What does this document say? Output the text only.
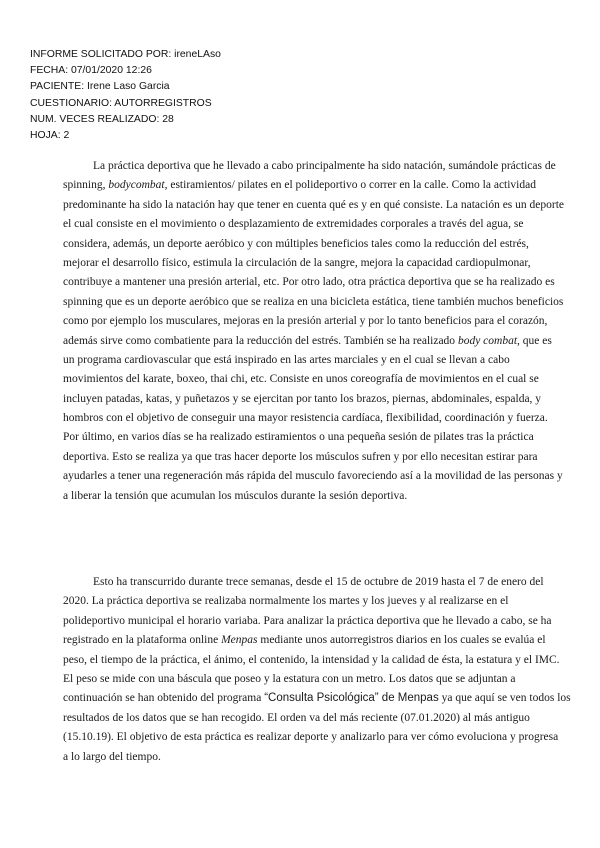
INFORME SOLICITADO POR: ireneLAso
FECHA: 07/01/2020 12:26
PACIENTE: Irene Laso Garcia
CUESTIONARIO: AUTORREGISTROS
NUM. VECES REALIZADO: 28
HOJA: 2
La práctica deportiva que he llevado a cabo principalmente ha sido natación, sumándole prácticas de
spinning, bodycombat, estiramientos/ pilates en el polideportivo o correr en la calle. Como la actividad
predominante ha sido la natación hay que tener en cuenta qué es y en qué consiste. La natación es un deporte
el cual consiste en el movimiento o desplazamiento de extremidades corporales a través del agua, se
considera, además, un deporte aeróbico y con múltiples beneficios tales como la reducción del estrés,
mejorar el desarrollo físico, estimula la circulación de la sangre, mejora la capacidad cardiopulmonar,
contribuye a mantener una presión arterial, etc. Por otro lado, otra práctica deportiva que se ha realizado es
spinning que es un deporte aeróbico que se realiza en una bicicleta estática, tiene también muchos beneficios
como por ejemplo los musculares, mejoras en la presión arterial y por lo tanto beneficios para el corazón,
además sirve como combatiente para la reducción del estrés. También se ha realizado body combat, que es
un programa cardiovascular que está inspirado en las artes marciales y en el cual se llevan a cabo
movimientos del karate, boxeo, thai chi, etc. Consiste en unos coreografía de movimientos en el cual se
incluyen patadas, katas, y puñetazos y se ejercitan por tanto los brazos, piernas, abdominales, espalda, y
hombros con el objetivo de conseguir una mayor resistencia cardíaca, flexibilidad, coordinación y fuerza.
Por último, en varios días se ha realizado estiramientos o una pequeña sesión de pilates tras la práctica
deportiva. Esto se realiza ya que tras hacer deporte los músculos sufren y por ello necesitan estirar para
ayudarles a tener una regeneración más rápida del musculo favoreciendo así a la movilidad de las personas y
a liberar la tensión que acumulan los músculos durante la sesión deportiva.
Esto ha transcurrido durante trece semanas, desde el 15 de octubre de 2019 hasta el 7 de enero del
2020. La práctica deportiva se realizaba normalmente los martes y los jueves y al realizarse en el
polideportivo municipal el horario variaba. Para analizar la práctica deportiva que he llevado a cabo, se ha
registrado en la plataforma online Menpas mediante unos autorregistros diarios en los cuales se evalúa el
peso, el tiempo de la práctica, el ánimo, el contenido, la intensidad y la calidad de ésta, la estatura y el IMC.
El peso se mide con una báscula que poseo y la estatura con un metro. Los datos que se adjuntan a
continuación se han obtenido del programa “Consulta Psicológica” de Menpas ya que aquí se ven todos los
resultados de los datos que se han recogido. El orden va del más reciente (07.01.2020) al más antiguo
(15.10.19). El objetivo de esta práctica es realizar deporte y analizarlo para ver cómo evoluciona y progresa
a lo largo del tiempo.
